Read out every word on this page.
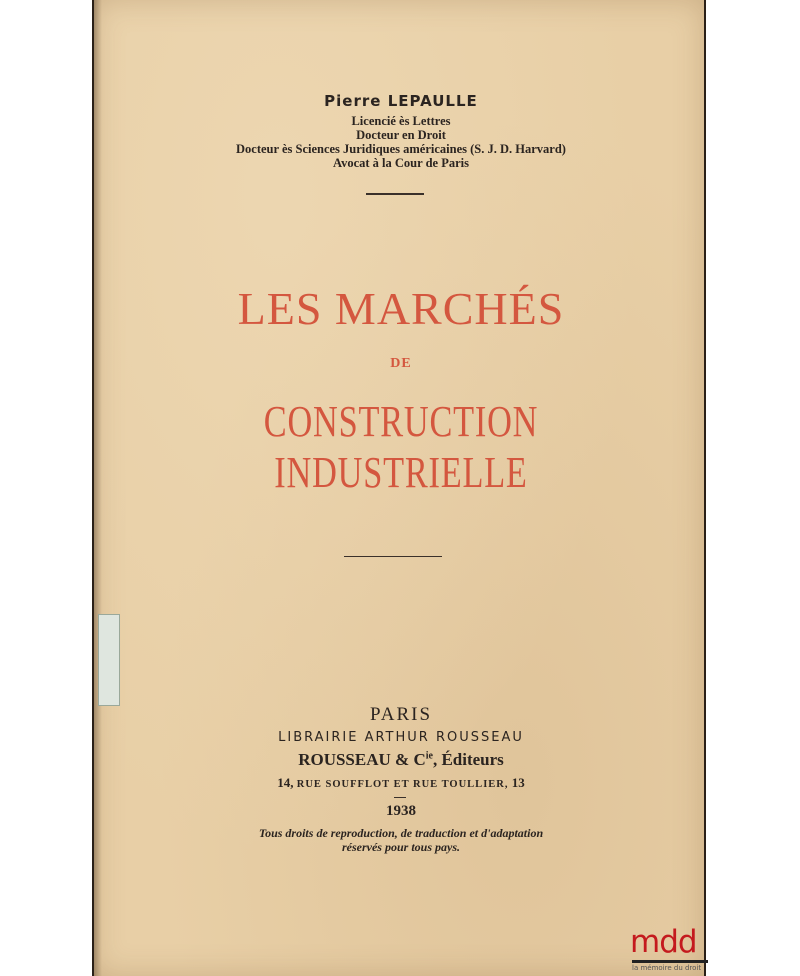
Pierre LEPAULLE
Licencié ès Lettres
Docteur en Droit
Docteur ès Sciences Juridiques américaines (S. J. D. Harvard)
Avocat à la Cour de Paris
LES MARCHÉS
DE
CONSTRUCTION INDUSTRIELLE
PARIS
LIBRAIRIE ARTHUR ROUSSEAU
ROUSSEAU & $C^{ie}$, Éditeurs
14, RUE SOUFFLOT ET RUE TOULLIER, 13
1938
Tous droits de reproduction, de traduction et d'adaptation
réservés pour tous pays.
mdd
la mémoire du droit
